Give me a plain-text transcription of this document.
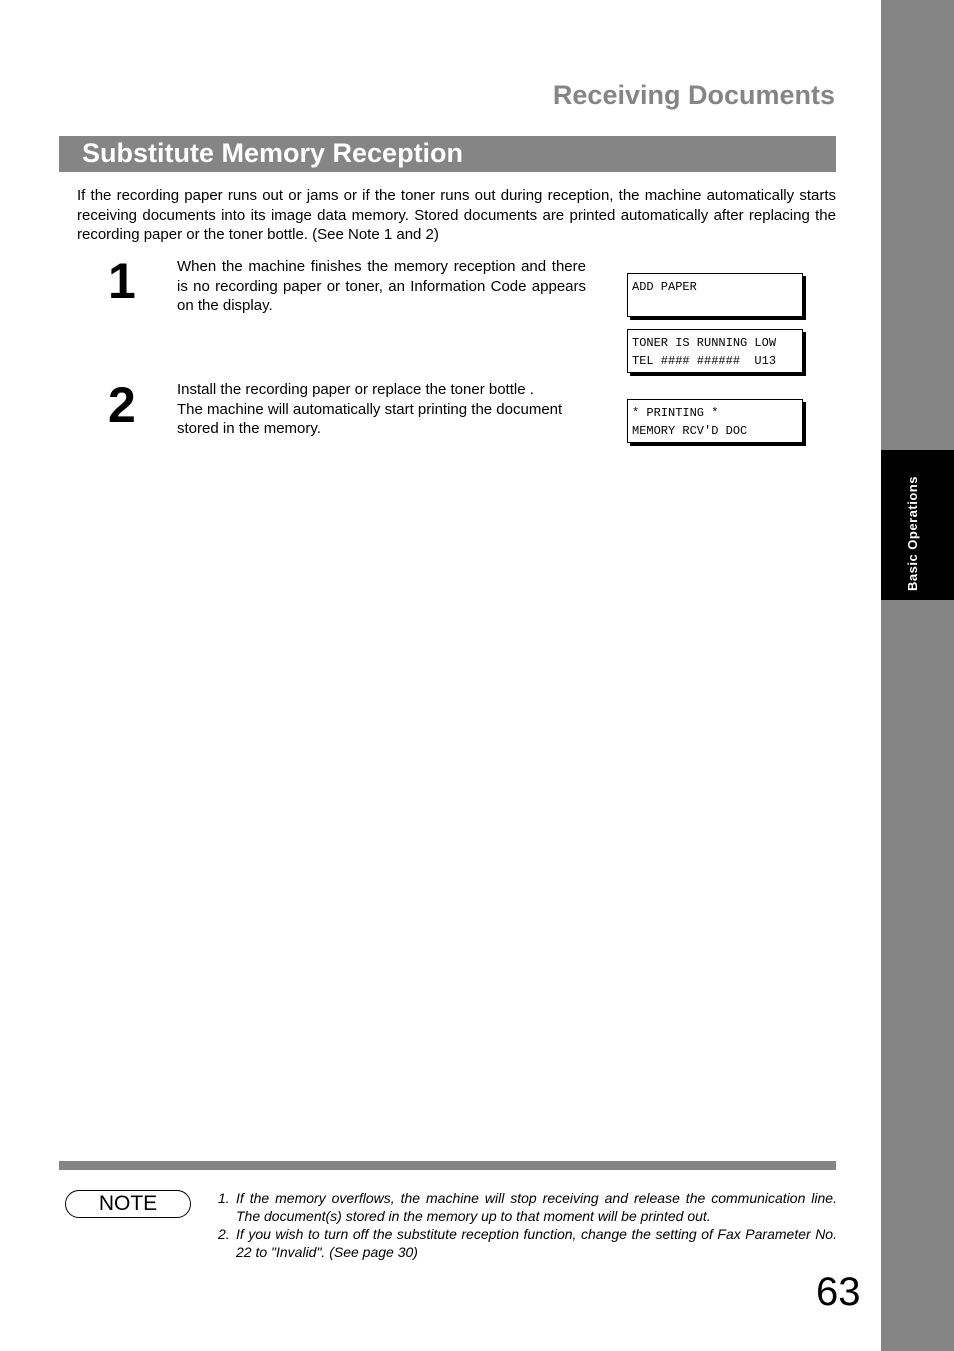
Basic Operations
Receiving Documents
Substitute Memory Reception

If the recording paper runs out or jams or if the toner runs out during reception, the machine automatically starts receiving documents into its image data memory. Stored documents are printed automatically after replacing the recording paper or the toner bottle. (See Note 1 and 2)

1	When the machine finishes the memory reception and there is no recording paper or toner, an Information Code appears on the display.

2	Install the recording paper or replace the toner bottle .
The machine will automatically start printing the document stored in the memory.

ADD PAPER
TONER IS RUNNING LOW
TEL #### ######  U13
* PRINTING *
MEMORY RCV'D DOC
NOTE	1. If the memory overflows, the machine will stop receiving and release the communication line. The document(s) stored in the memory up to that moment will be printed out.
2. If you wish to turn off the substitute reception function, change the setting of Fax Parameter No. 22 to "Invalid". (See page 30)
63
